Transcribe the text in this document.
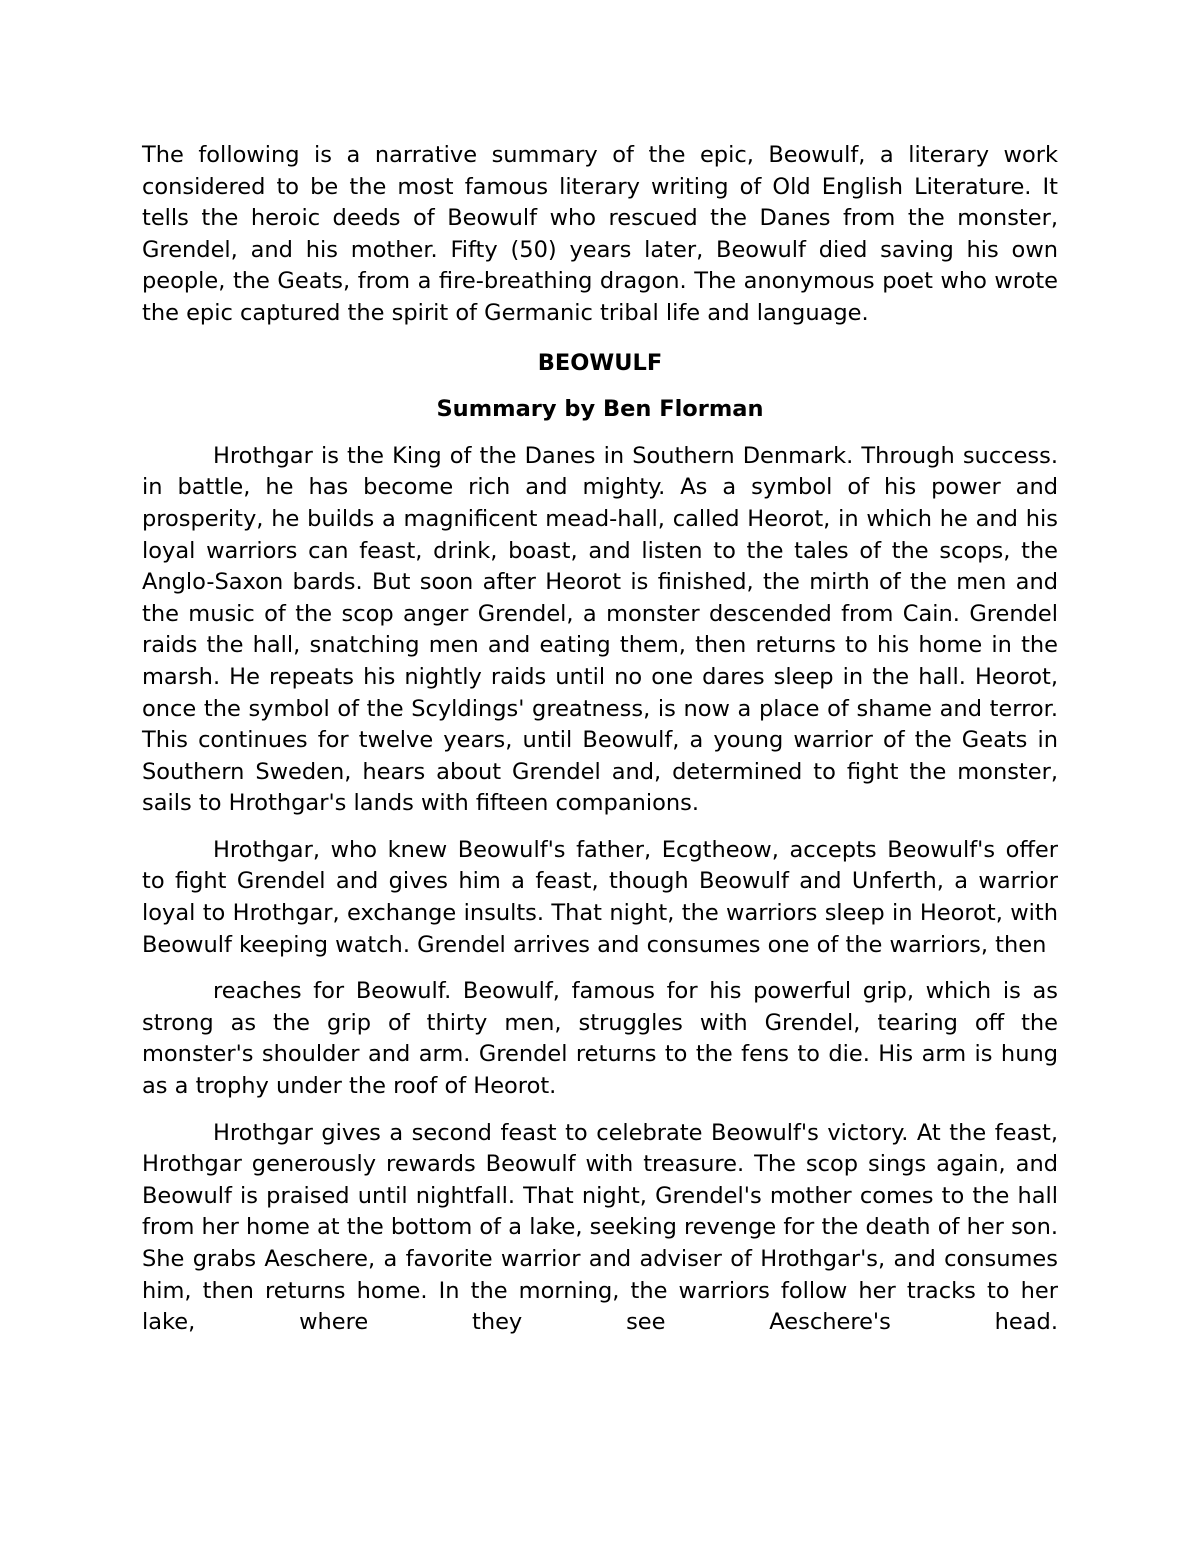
The following is a narrative summary of the epic, Beowulf, a literary work considered to be the most famous literary writing of Old English Literature. It tells the heroic deeds of Beowulf who rescued the Danes from the monster, Grendel, and his mother. Fifty (50) years later, Beowulf died saving his own people, the Geats, from a fire-breathing dragon. The anonymous poet who wrote the epic captured the spirit of Germanic tribal life and language.

BEOWULF
Summary by Ben Florman

Hrothgar is the King of the Danes in Southern Denmark. Through success. in battle, he has become rich and mighty. As a symbol of his power and prosperity, he builds a magnificent mead-hall, called Heorot, in which he and his loyal warriors can feast, drink, boast, and listen to the tales of the scops, the Anglo-Saxon bards. But soon after Heorot is finished, the mirth of the men and the music of the scop anger Grendel, a monster descended from Cain. Grendel raids the hall, snatching men and eating them, then returns to his home in the marsh. He repeats his nightly raids until no one dares sleep in the hall. Heorot, once the symbol of the Scyldings' greatness, is now a place of shame and terror. This continues for twelve years, until Beowulf, a young warrior of the Geats in Southern Sweden, hears about Grendel and, determined to fight the monster, sails to Hrothgar's lands with fifteen companions.

Hrothgar, who knew Beowulf's father, Ecgtheow, accepts Beowulf's offer to fight Grendel and gives him a feast, though Beowulf and Unferth, a warrior loyal to Hrothgar, exchange insults. That night, the warriors sleep in Heorot, with Beowulf keeping watch. Grendel arrives and consumes one of the warriors, then

reaches for Beowulf. Beowulf, famous for his powerful grip, which is as strong as the grip of thirty men, struggles with Grendel, tearing off the monster's shoulder and arm. Grendel returns to the fens to die. His arm is hung as a trophy under the roof of Heorot.

Hrothgar gives a second feast to celebrate Beowulf's victory. At the feast, Hrothgar generously rewards Beowulf with treasure. The scop sings again, and Beowulf is praised until nightfall. That night, Grendel's mother comes to the hall from her home at the bottom of a lake, seeking revenge for the death of her son. She grabs Aeschere, a favorite warrior and adviser of Hrothgar's, and consumes him, then returns home. In the morning, the warriors follow her tracks to her lake, where they see Aeschere's head.
